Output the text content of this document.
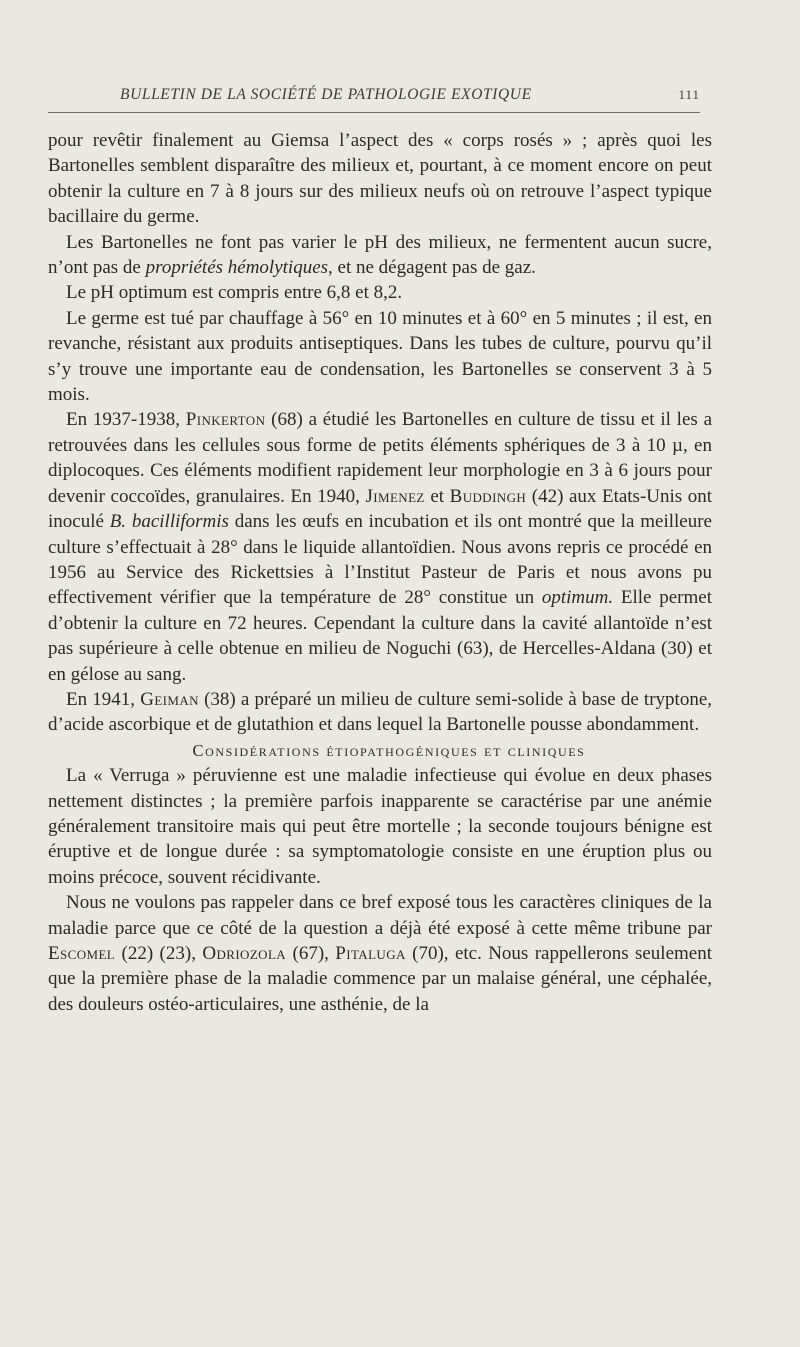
BULLETIN DE LA SOCIÉTÉ DE PATHOLOGIE EXOTIQUE	111

pour revêtir finalement au Giemsa l’aspect des « corps rosés » ; après quoi les Bartonelles semblent disparaître des milieux et, pourtant, à ce moment encore on peut obtenir la culture en 7 à 8 jours sur des milieux neufs où on retrouve l’aspect typique bacillaire du germe.

Les Bartonelles ne font pas varier le pH des milieux, ne fermentent aucun sucre, n’ont pas de propriétés hémolytiques, et ne dégagent pas de gaz.

Le pH optimum est compris entre 6,8 et 8,2.

Le germe est tué par chauffage à 56° en 10 minutes et à 60° en 5 minutes ; il est, en revanche, résistant aux produits antiseptiques. Dans les tubes de culture, pourvu qu’il s’y trouve une importante eau de condensation, les Bartonelles se conservent 3 à 5 mois.

En 1937-1938, Pinkerton (68) a étudié les Bartonelles en culture de tissu et il les a retrouvées dans les cellules sous forme de petits éléments sphériques de 3 à 10 µ, en diplocoques. Ces éléments modifient rapidement leur morphologie en 3 à 6 jours pour devenir coccoïdes, granulaires. En 1940, Jimenez et Buddingh (42) aux Etats-Unis ont inoculé B. bacilliformis dans les œufs en incubation et ils ont montré que la meilleure culture s’effectuait à 28° dans le liquide allantoïdien. Nous avons repris ce procédé en 1956 au Service des Rickettsies à l’Institut Pasteur de Paris et nous avons pu effectivement vérifier que la température de 28° constitue un optimum. Elle permet d’obtenir la culture en 72 heures. Cependant la culture dans la cavité allantoïde n’est pas supérieure à celle obtenue en milieu de Noguchi (63), de Hercelles-Aldana (30) et en gélose au sang.

En 1941, Geiman (38) a préparé un milieu de culture semi-solide à base de tryptone, d’acide ascorbique et de glutathion et dans lequel la Bartonelle pousse abondamment.

Considérations étiopathogéniques et cliniques

La « Verruga » péruvienne est une maladie infectieuse qui évolue en deux phases nettement distinctes ; la première parfois inapparente se caractérise par une anémie généralement transitoire mais qui peut être mortelle ; la seconde toujours bénigne est éruptive et de longue durée : sa symptomatologie consiste en une éruption plus ou moins précoce, souvent récidivante.

Nous ne voulons pas rappeler dans ce bref exposé tous les caractères cliniques de la maladie parce que ce côté de la question a déjà été exposé à cette même tribune par Escomel (22) (23), Odriozola (67), Pitaluga (70), etc. Nous rappellerons seulement que la première phase de la maladie commence par un malaise général, une céphalée, des douleurs ostéo-articulaires, une asthénie, de la
